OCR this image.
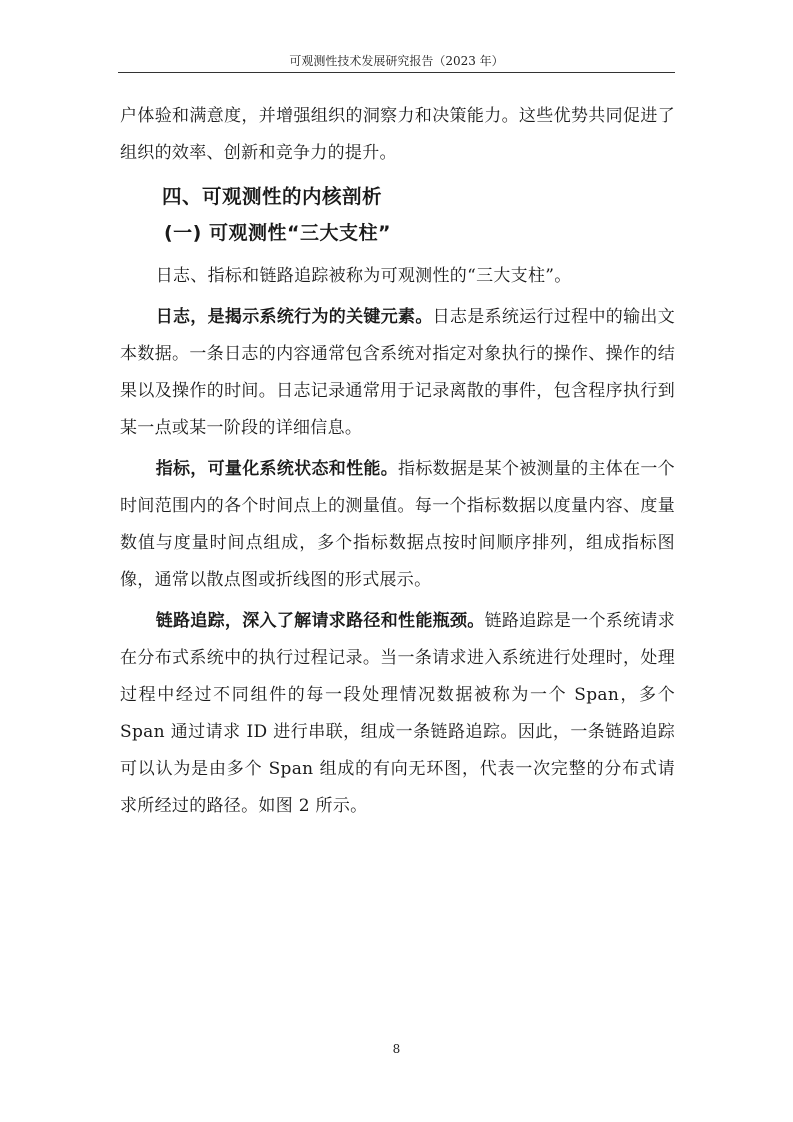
可观测性技术发展研究报告（2023 年）

户体验和满意度，并增强组织的洞察力和决策能力。这些优势共同促进了组织的效率、创新和竞争力的提升。

四、可观测性的内核剖析
(一) 可观测性“三大支柱”

日志、指标和链路追踪被称为可观测性的“三大支柱”。

日志，是揭示系统行为的关键元素。日志是系统运行过程中的输出文本数据。一条日志的内容通常包含系统对指定对象执行的操作、操作的结果以及操作的时间。日志记录通常用于记录离散的事件，包含程序执行到某一点或某一阶段的详细信息。

指标，可量化系统状态和性能。指标数据是某个被测量的主体在一个时间范围内的各个时间点上的测量值。每一个指标数据以度量内容、度量数值与度量时间点组成，多个指标数据点按时间顺序排列，组成指标图像，通常以散点图或折线图的形式展示。

链路追踪，深入了解请求路径和性能瓶颈。链路追踪是一个系统请求在分布式系统中的执行过程记录。当一条请求进入系统进行处理时，处理过程中经过不同组件的每一段处理情况数据被称为一个 Span，多个 Span 通过请求 ID 进行串联，组成一条链路追踪。因此，一条链路追踪可以认为是由多个 Span 组成的有向无环图，代表一次完整的分布式请求所经过的路径。如图 2 所示。

8
